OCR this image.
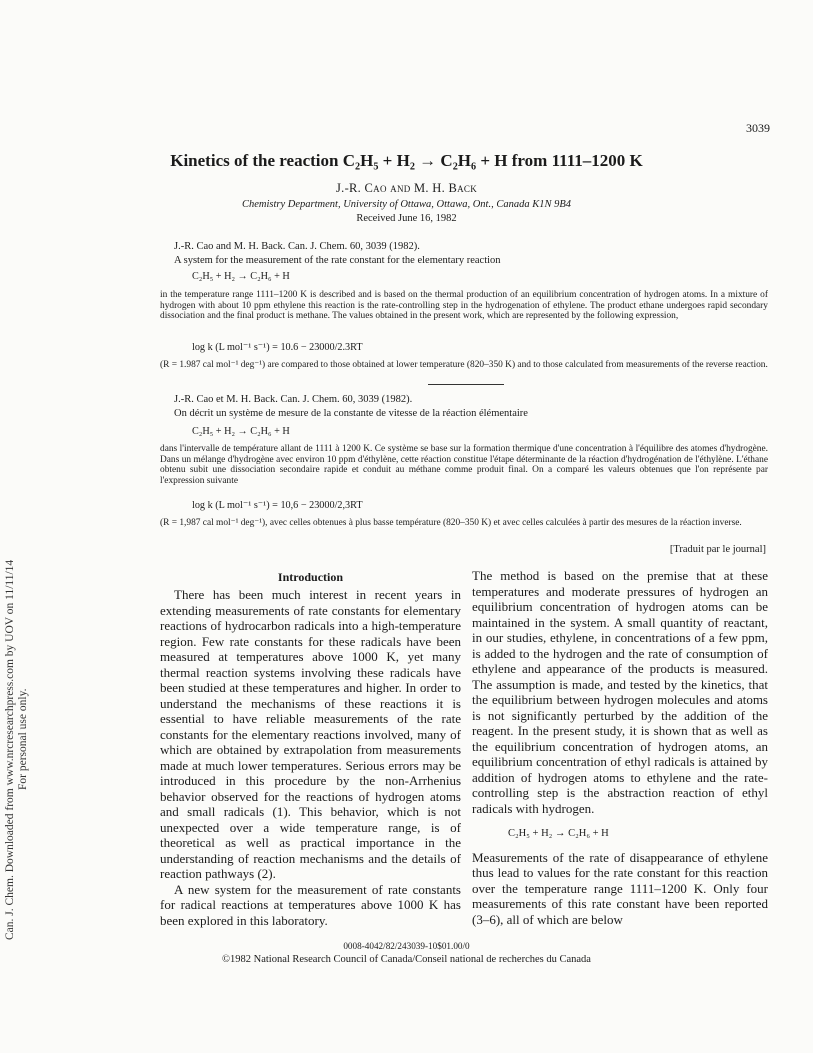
3039
Kinetics of the reaction C₂H₅ + H₂ → C₂H₆ + H from 1111–1200 K
J.-R. Cao and M. H. Back
Chemistry Department, University of Ottawa, Ottawa, Ont., Canada K1N 9B4
Received June 16, 1982
J.-R. Cao and M. H. Back. Can. J. Chem. 60, 3039 (1982).
A system for the measurement of the rate constant for the elementary reaction
C₂H₅ + H₂ → C₂H₆ + H
in the temperature range 1111–1200 K is described and is based on the thermal production of an equilibrium concentration of hydrogen atoms. In a mixture of hydrogen with about 10 ppm ethylene this reaction is the rate-controlling step in the hydrogenation of ethylene. The product ethane undergoes rapid secondary dissociation and the final product is methane. The values obtained in the present work, which are represented by the following expression,
log k (L mol⁻¹ s⁻¹) = 10.6 − 23000/2.3RT
(R = 1.987 cal mol⁻¹ deg⁻¹) are compared to those obtained at lower temperature (820–350 K) and to those calculated from measurements of the reverse reaction.
J.-R. Cao et M. H. Back. Can. J. Chem. 60, 3039 (1982).
On décrit un système de mesure de la constante de vitesse de la réaction élémentaire
C₂H₅ + H₂ → C₂H₆ + H
dans l'intervalle de température allant de 1111 à 1200 K. Ce système se base sur la formation thermique d'une concentration à l'équilibre des atomes d'hydrogène. Dans un mélange d'hydrogène avec environ 10 ppm d'éthylène, cette réaction constitue l'étape déterminante de la réaction d'hydrogénation de l'éthylène. L'éthane obtenu subit une dissociation secondaire rapide et conduit au méthane comme produit final. On a comparé les valeurs obtenues que l'on représente par l'expression suivante
log k (L mol⁻¹ s⁻¹) = 10,6 − 23000/2,3RT
(R = 1,987 cal mol⁻¹ deg⁻¹), avec celles obtenues à plus basse température (820–350 K) et avec celles calculées à partir des mesures de la réaction inverse.
[Traduit par le journal]
Introduction

There has been much interest in recent years in extending measurements of rate constants for elementary reactions of hydrocarbon radicals into a high-temperature region. Few rate constants for these radicals have been measured at temperatures above 1000 K, yet many thermal reaction systems involving these radicals have been studied at these temperatures and higher. In order to understand the mechanisms of these reactions it is essential to have reliable measurements of the rate constants for the elementary reactions involved, many of which are obtained by extrapolation from measurements made at much lower temperatures. Serious errors may be introduced in this procedure by the non-Arrhenius behavior observed for the reactions of hydrogen atoms and small radicals (1). This behavior, which is not unexpected over a wide temperature range, is of theoretical as well as practical importance in the understanding of reaction mechanisms and the details of reaction pathways (2).

A new system for the measurement of rate constants for radical reactions at temperatures above 1000 K has been explored in this laboratory.

The method is based on the premise that at these temperatures and moderate pressures of hydrogen an equilibrium concentration of hydrogen atoms can be maintained in the system. A small quantity of reactant, in our studies, ethylene, in concentrations of a few ppm, is added to the hydrogen and the rate of consumption of ethylene and appearance of the products is measured. The assumption is made, and tested by the kinetics, that the equilibrium between hydrogen molecules and atoms is not significantly perturbed by the addition of the reagent. In the present study, it is shown that as well as the equilibrium concentration of hydrogen atoms, an equilibrium concentration of ethyl radicals is attained by addition of hydrogen atoms to ethylene and the rate-controlling step is the abstraction reaction of ethyl radicals with hydrogen.

C₂H₅ + H₂ → C₂H₆ + H

Measurements of the rate of disappearance of ethylene thus lead to values for the rate constant for this reaction over the temperature range 1111–1200 K. Only four measurements of this rate constant have been reported (3–6), all of which are below

0008-4042/82/243039-10$01.00/0
©1982 National Research Council of Canada/Conseil national de recherches du Canada
Can. J. Chem. Downloaded from www.nrcresearchpress.com by UOV on 11/11/14 For personal use only.
